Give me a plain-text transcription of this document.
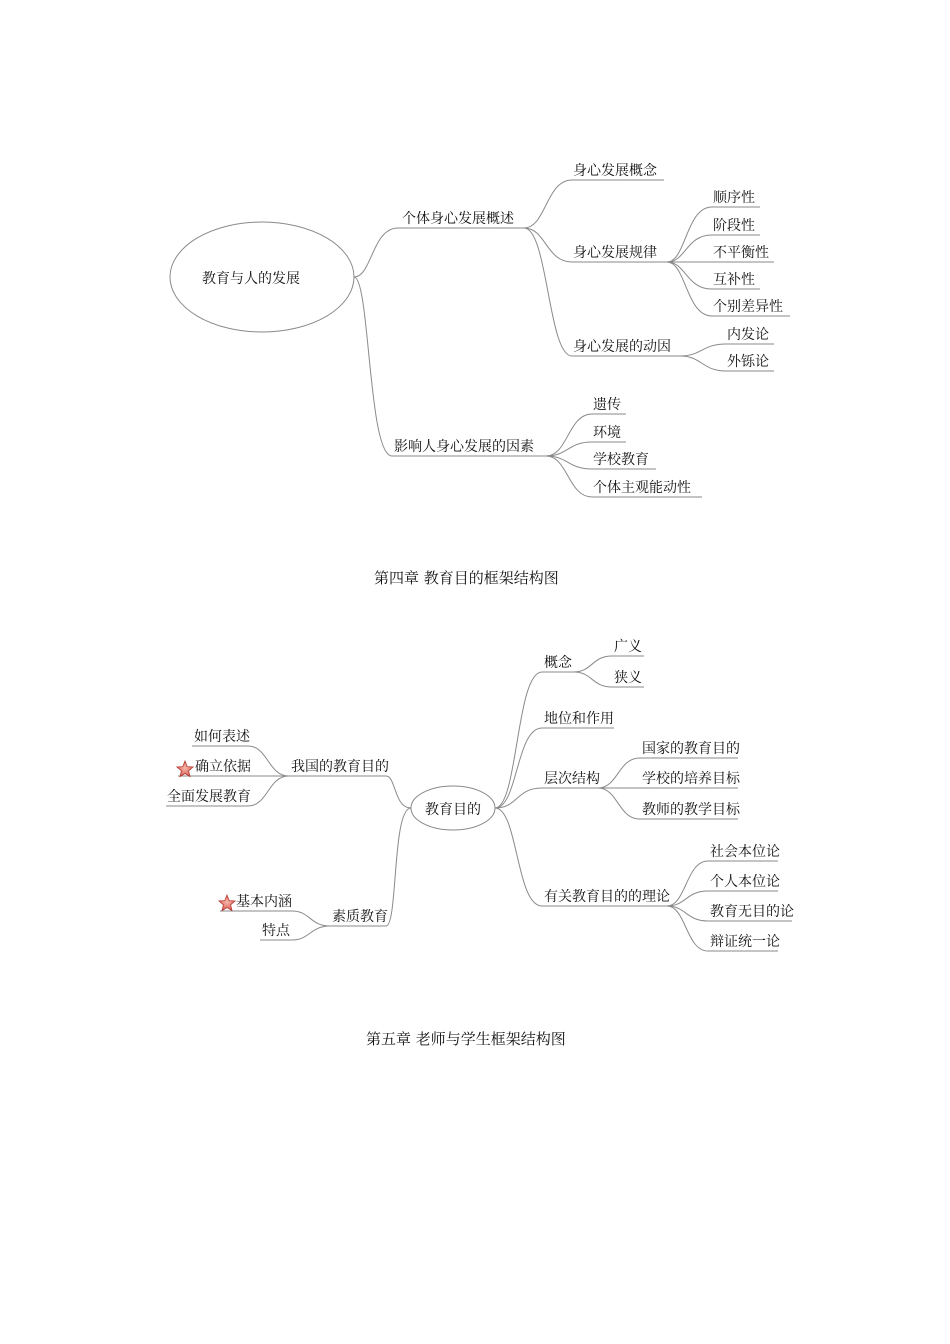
教育与人的发展
个体身心发展概述
影响人身心发展的因素
身心发展概念
身心发展规律
身心发展的动因
顺序性
阶段性
不平衡性
互补性
个别差异性
内发论
外铄论
遗传
环境
学校教育
个体主观能动性
第四章 教育目的框架结构图
教育目的
概念
广义
狭义
地位和作用
层次结构
国家的教育目的
学校的培养目标
教师的教学目标
有关教育目的的理论
社会本位论
个人本位论
教育无目的论
辩证统一论
我国的教育目的
如何表述
确立依据
全面发展教育
素质教育
基本内涵
特点
第五章 老师与学生框架结构图
